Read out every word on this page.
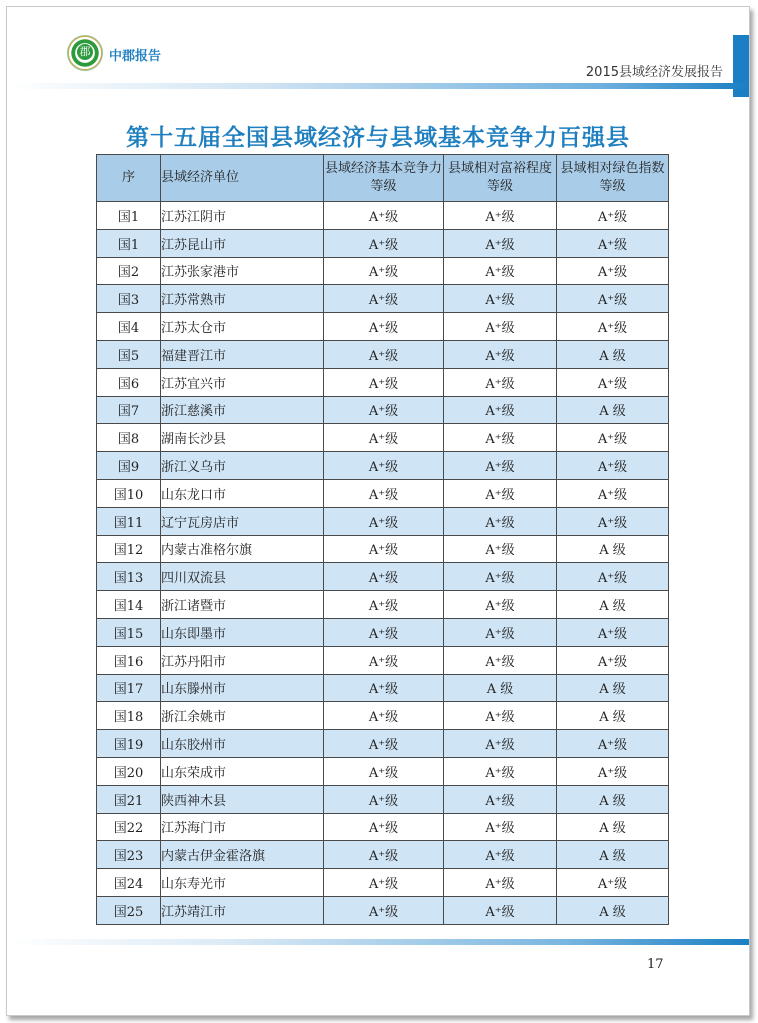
郡 中郡报告
2015县域经济发展报告
第十五届全国县域经济与县域基本竞争力百强县
序	县域经济单位	县域经济基本竞争力等级	县域相对富裕程度等级	县域相对绿色指数等级
国1	江苏江阴市	A⁺级	A⁺级	A⁺级
国1	江苏昆山市	A⁺级	A⁺级	A⁺级
国2	江苏张家港市	A⁺级	A⁺级	A⁺级
国3	江苏常熟市	A⁺级	A⁺级	A⁺级
国4	江苏太仓市	A⁺级	A⁺级	A⁺级
国5	福建晋江市	A⁺级	A⁺级	A 级
国6	江苏宜兴市	A⁺级	A⁺级	A⁺级
国7	浙江慈溪市	A⁺级	A⁺级	A 级
国8	湖南长沙县	A⁺级	A⁺级	A⁺级
国9	浙江义乌市	A⁺级	A⁺级	A⁺级
国10	山东龙口市	A⁺级	A⁺级	A⁺级
国11	辽宁瓦房店市	A⁺级	A⁺级	A⁺级
国12	内蒙古准格尔旗	A⁺级	A⁺级	A 级
国13	四川双流县	A⁺级	A⁺级	A⁺级
国14	浙江诸暨市	A⁺级	A⁺级	A 级
国15	山东即墨市	A⁺级	A⁺级	A⁺级
国16	江苏丹阳市	A⁺级	A⁺级	A⁺级
国17	山东滕州市	A⁺级	A 级	A 级
国18	浙江余姚市	A⁺级	A⁺级	A 级
国19	山东胶州市	A⁺级	A⁺级	A⁺级
国20	山东荣成市	A⁺级	A⁺级	A⁺级
国21	陕西神木县	A⁺级	A⁺级	A 级
国22	江苏海门市	A⁺级	A⁺级	A 级
国23	内蒙古伊金霍洛旗	A⁺级	A⁺级	A 级
国24	山东寿光市	A⁺级	A⁺级	A⁺级
国25	江苏靖江市	A⁺级	A⁺级	A 级
17
